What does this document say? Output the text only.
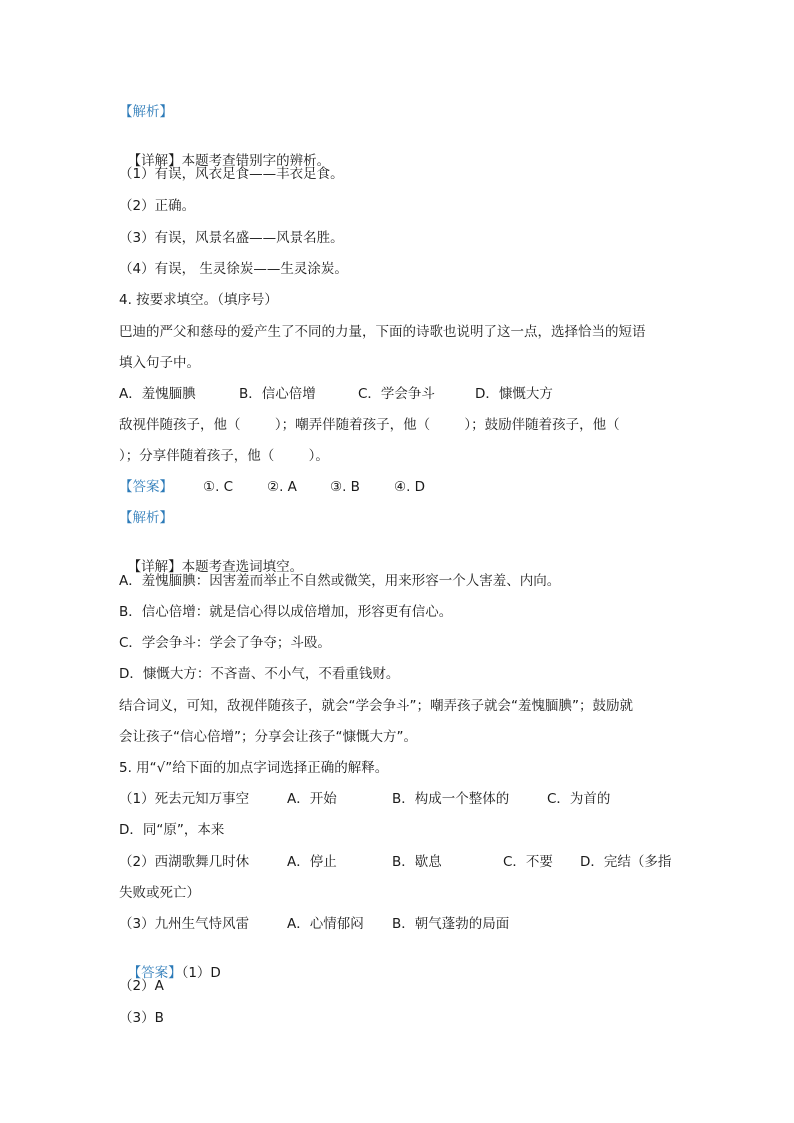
【解析】

【详解】本题考查错别字的辨析。

（1）有误，风衣足食——丰衣足食。
（2）正确。
（3）有误，风景名盛——风景名胜。
（4）有误， 生灵徐炭——生灵涂炭。
4. 按要求填空。（填序号）
巴迪的严父和慈母的爱产生了不同的力量，下面的诗歌也说明了这一点，选择恰当的短语
填入句子中。
A．羞愧腼腆	B．信心倍增	C．学会争斗	D．慷慨大方
敌视伴随孩子，他（        ）；嘲弄伴随着孩子，他（        ）；鼓励伴随着孩子，他（
）；分享伴随着孩子，他（        ）。
【答案】 ①. C	②. A ③. B	④. D
【解析】

【详解】本题考查选词填空。

A．羞愧腼腆：因害羞而举止不自然或微笑，用来形容一个人害羞、内向。
B．信心倍增：就是信心得以成倍增加，形容更有信心。
C．学会争斗：学会了争夺；斗殴。
D．慷慨大方：不吝啬、不小气，不看重钱财。
结合词义，可知，敌视伴随孩子，就会“学会争斗”；嘲弄孩子就会“羞愧腼腆”；鼓励就
会让孩子“信心倍增”；分享会让孩子“慷慨大方”。
5. 用“√”给下面的加点字词选择正确的解释。
（1）死去元知万事空	A．开始	B．构成一个整体的	C．为首的
D．同“原”，本来
（2）西湖歌舞几时休	A．停止	B．歇息	C．不要 D．完结（多指
失败或死亡）
（3）九州生气恃风雷	A．心情郁闷 B．朝气蓬勃的局面

【答案】（1）D

（2）A
（3）B
